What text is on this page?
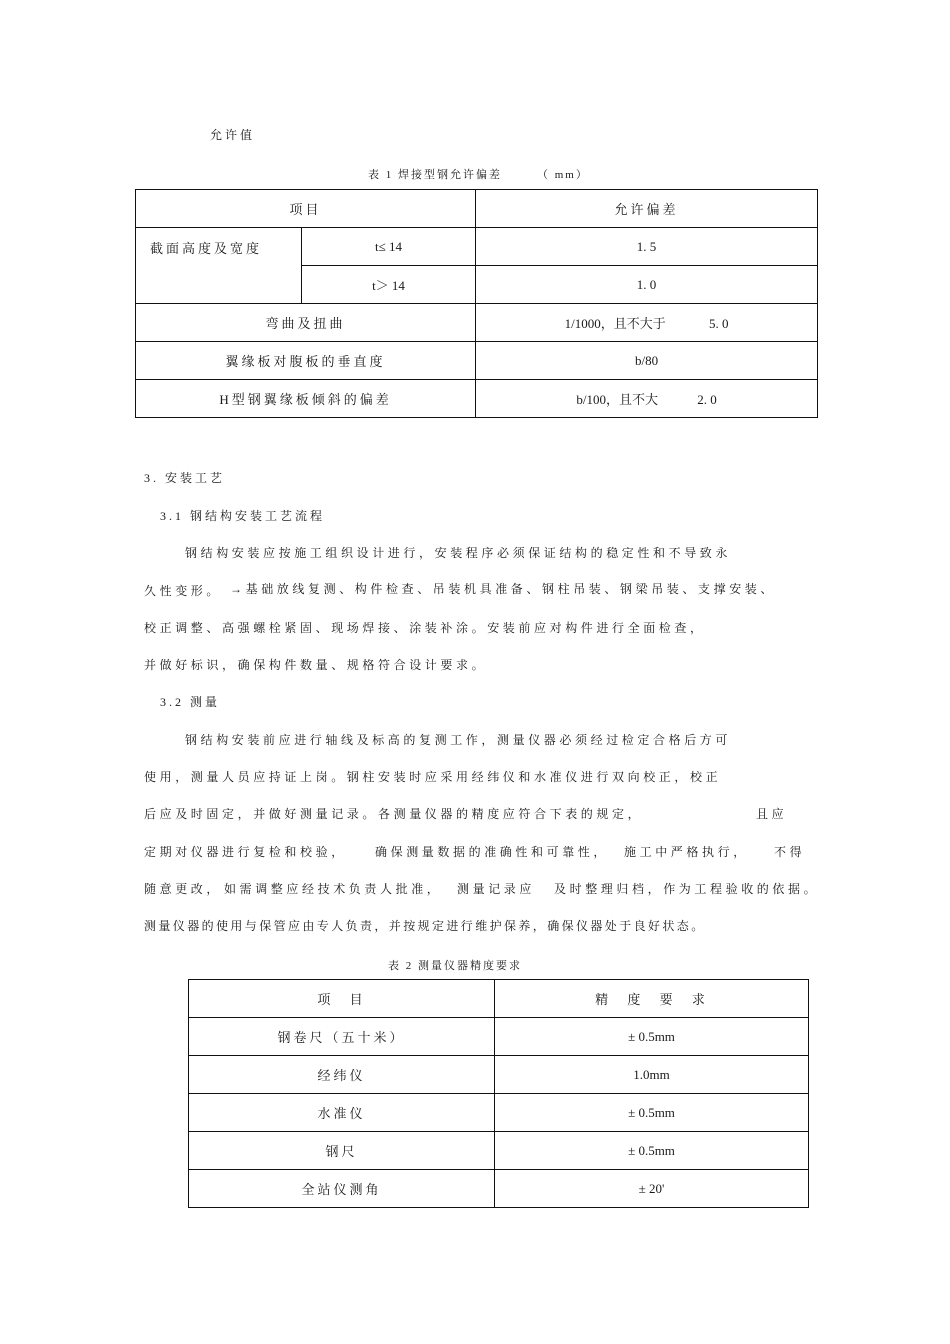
允许值
表 1 焊接型钢允许偏差	（ mm）
项目		允许偏差
截面高度及宽度	t≤ 14	1. 5
	t＞ 14	1. 0
弯曲及扭曲		1/1000，且不大于 5. 0
翼缘板对腹板的垂直度		b/80
H型钢翼缘板倾斜的偏差		b/100，且不大 2. 0
3. 安装工艺
3.1 钢结构安装工艺流程
钢结构安装应按施工组织设计进行，安装程序必须保证结构的稳定性和不导致永
久性变形。 →基础放线复测、构件检查、吊装机具准备、钢柱吊装、钢梁吊装、支撑安装、
校正调整、高强螺栓紧固、现场焊接、涂装补涂。安装前应对构件进行全面检查，
并做好标识，确保构件数量、规格符合设计要求。
3.2 测量
钢结构安装前应进行轴线及标高的复测工作，测量仪器必须经过检定合格后方可
使用，测量人员应持证上岗。钢柱安装时应采用经纬仪和水准仪进行双向校正，校正
后应及时固定，并做好测量记录。各测量仪器的精度应符合下表的规定，	且应
定期对仪器进行复检和校验， 确保测量数据的准确性和可靠性， 施工中严格执行， 不得
随意更改， 如需调整应经技术负责人批准， 测量记录应 及时整理归档，作为工程验收的依据。
测量仪器的使用与保管应由专人负责，并按规定进行维护保养，确保仪器处于良好状态。
表 2 测量仪器精度要求
项 目	精 度 要 求
钢卷尺（五十米）	± 0.5mm
经纬仪	1.0mm
水准仪	± 0.5mm
钢尺	± 0.5mm
全站仪测角	± 20'
